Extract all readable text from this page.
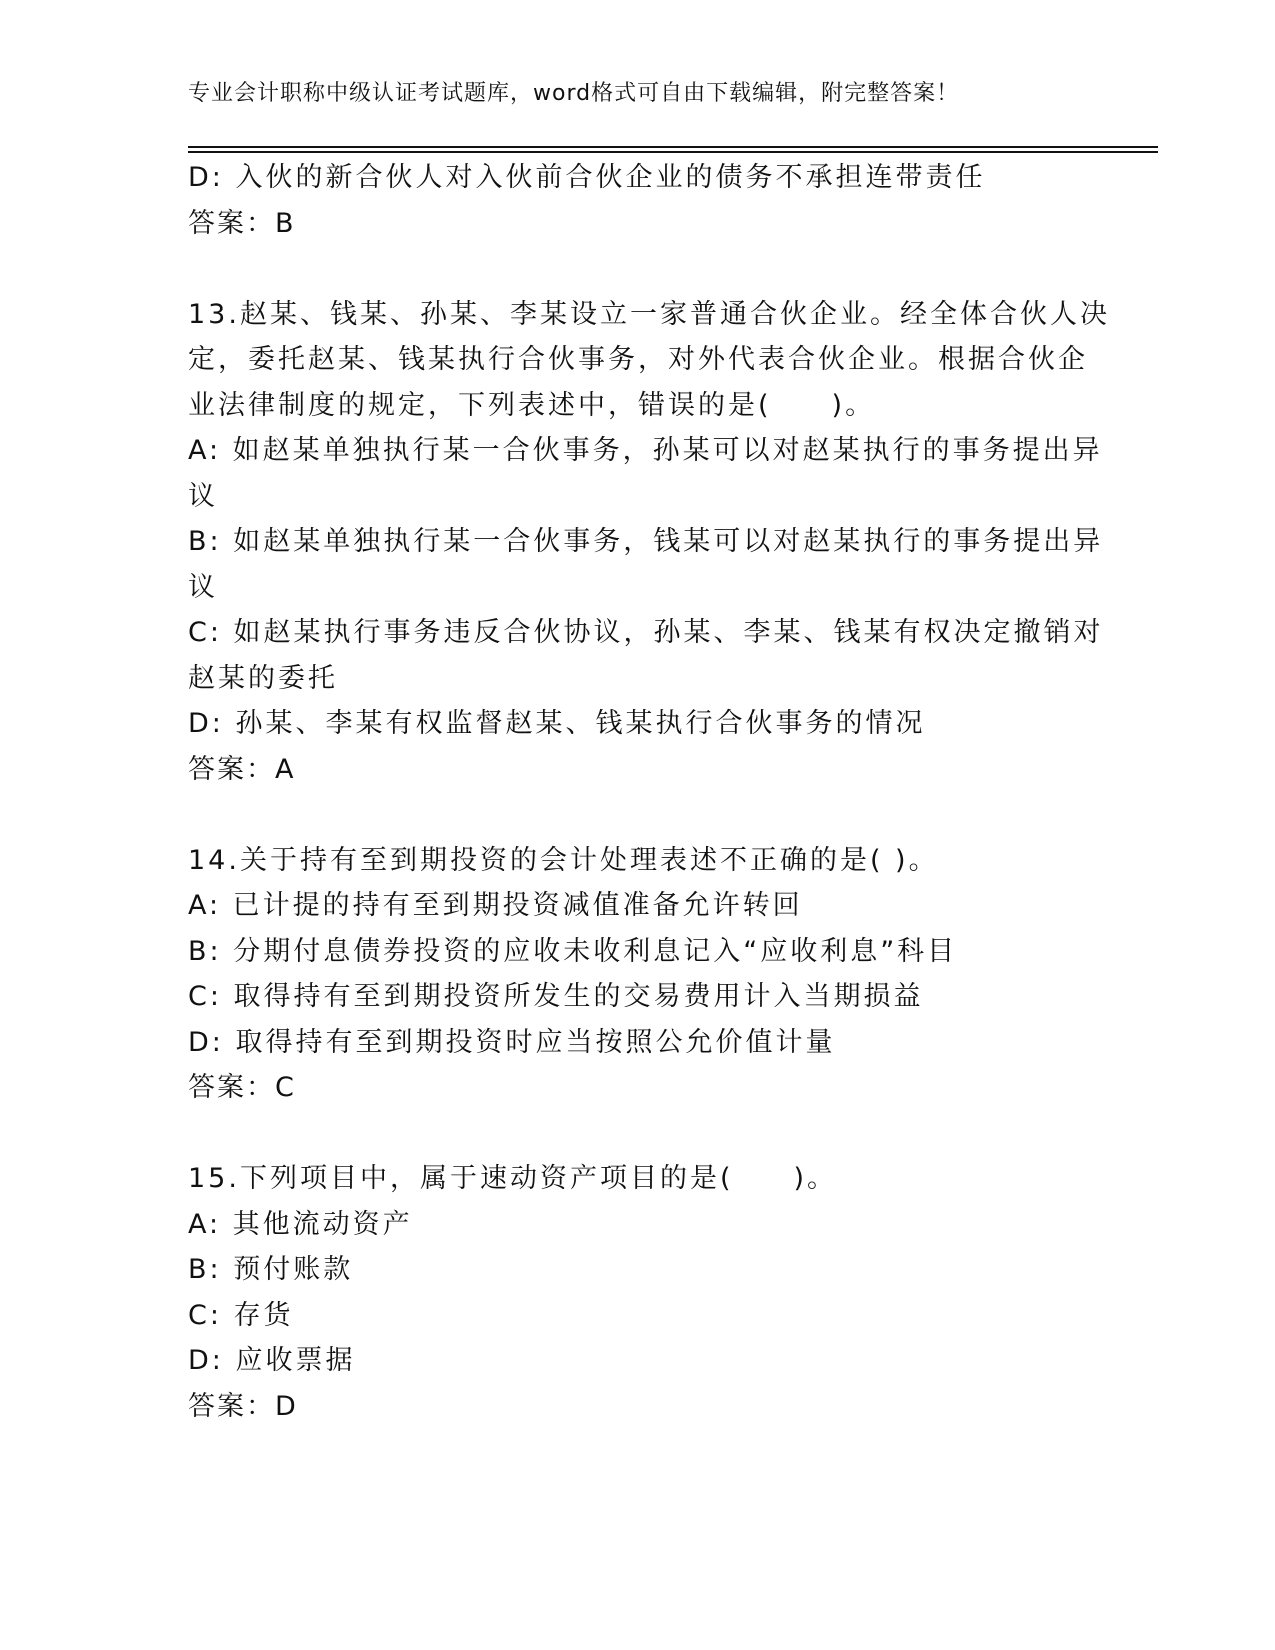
专业会计职称中级认证考试题库，word格式可自由下载编辑，附完整答案！
D: 入伙的新合伙人对入伙前合伙企业的债务不承担连带责任
答案：B
13.赵某、钱某、孙某、李某设立一家普通合伙企业。经全体合伙人决
定，委托赵某、钱某执行合伙事务，对外代表合伙企业。根据合伙企
业法律制度的规定，下列表述中，错误的是(　　)。
A: 如赵某单独执行某一合伙事务，孙某可以对赵某执行的事务提出异
议
B: 如赵某单独执行某一合伙事务，钱某可以对赵某执行的事务提出异
议
C: 如赵某执行事务违反合伙协议，孙某、李某、钱某有权决定撤销对
赵某的委托
D: 孙某、李某有权监督赵某、钱某执行合伙事务的情况
答案：A
14.关于持有至到期投资的会计处理表述不正确的是( )。
A: 已计提的持有至到期投资减值准备允许转回
B: 分期付息债券投资的应收未收利息记入“应收利息”科目
C: 取得持有至到期投资所发生的交易费用计入当期损益
D: 取得持有至到期投资时应当按照公允价值计量
答案：C
15.下列项目中，属于速动资产项目的是(　　)。
A: 其他流动资产
B: 预付账款
C: 存货
D: 应收票据
答案：D
